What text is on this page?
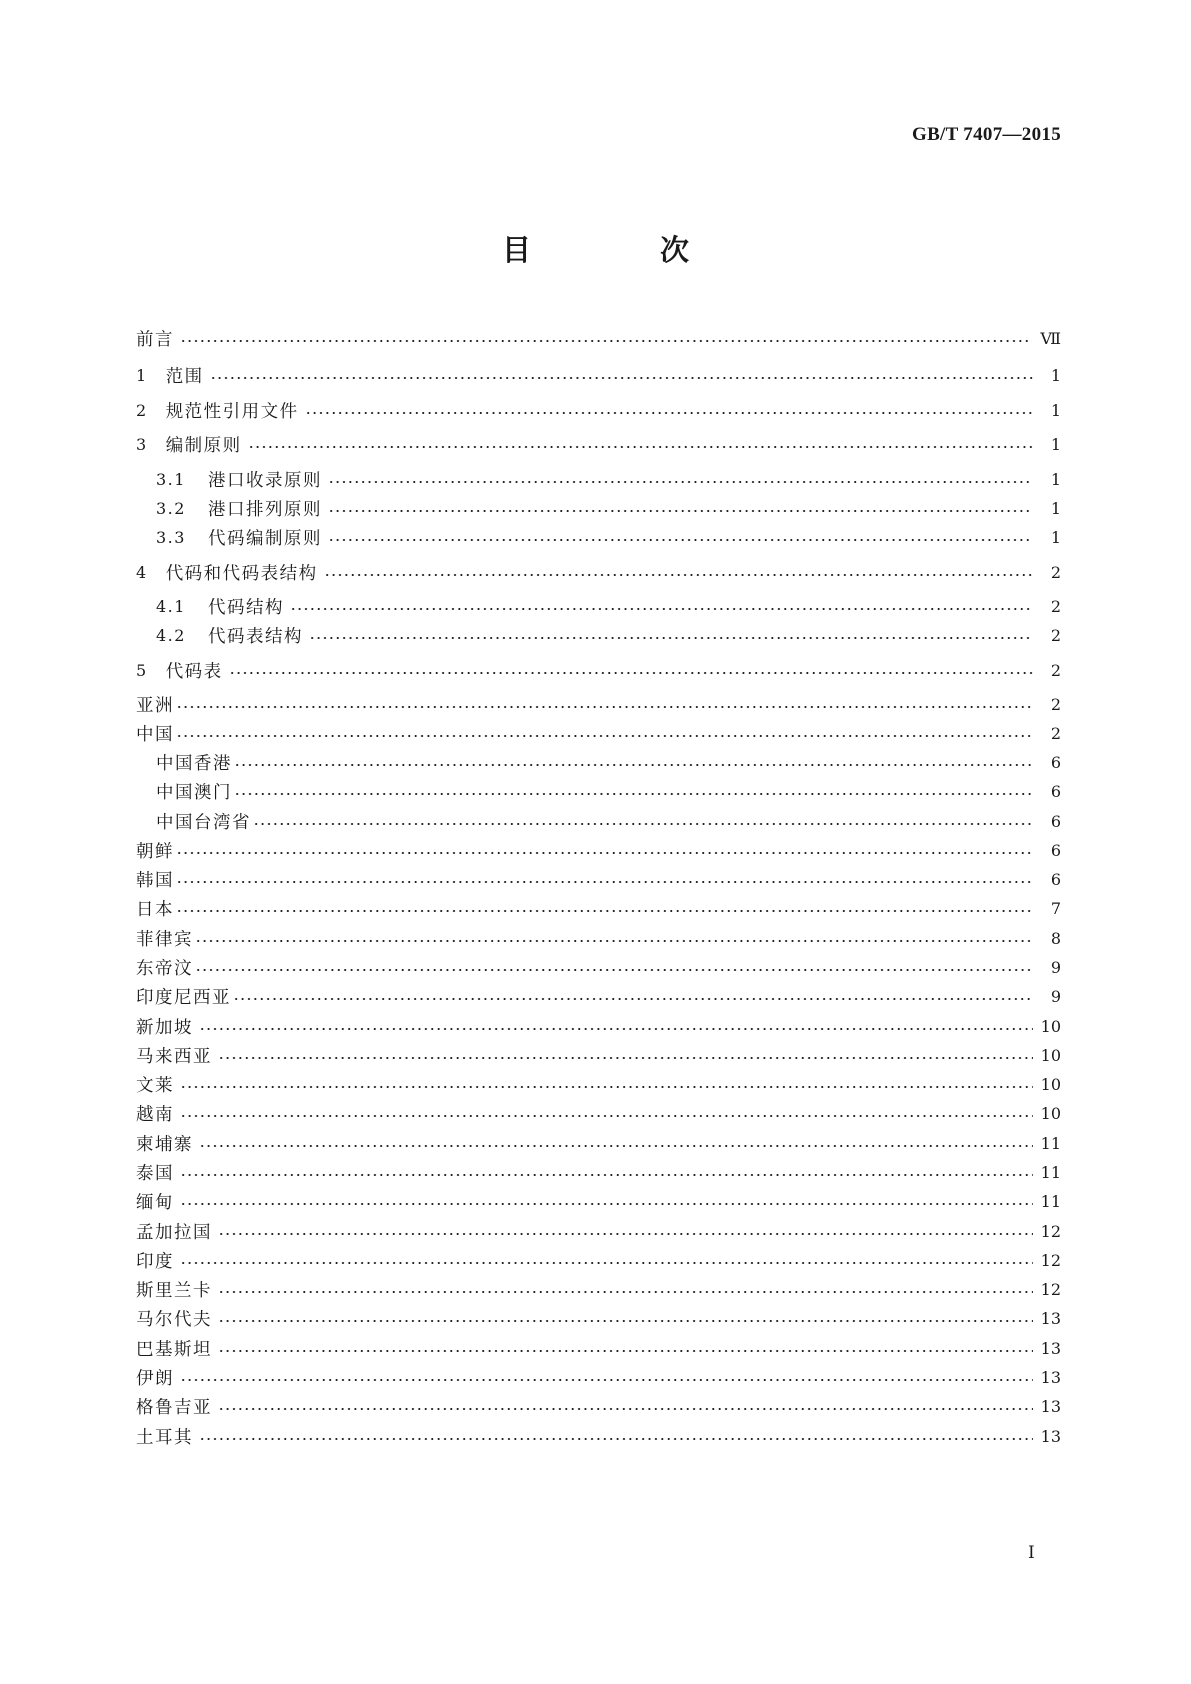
GB/T 7407—2015
目　次
前言	Ⅶ
1 范围	1
2 规范性引用文件	1
3 编制原则	1
3.1 港口收录原则	1
3.2 港口排列原则	1
3.3 代码编制原则	1
4 代码和代码表结构	2
4.1 代码结构	2
4.2 代码表结构	2
5 代码表	2
亚洲	2
中国	2
中国香港	6
中国澳门	6
中国台湾省	6
朝鲜	6
韩国	6
日本	7
菲律宾	8
东帝汶	9
印度尼西亚	9
新加坡	10
马来西亚	10
文莱	10
越南	10
柬埔寨	11
泰国	11
缅甸	11
孟加拉国	12
印度	12
斯里兰卡	12
马尔代夫	13
巴基斯坦	13
伊朗	13
格鲁吉亚	13
土耳其	13
I
